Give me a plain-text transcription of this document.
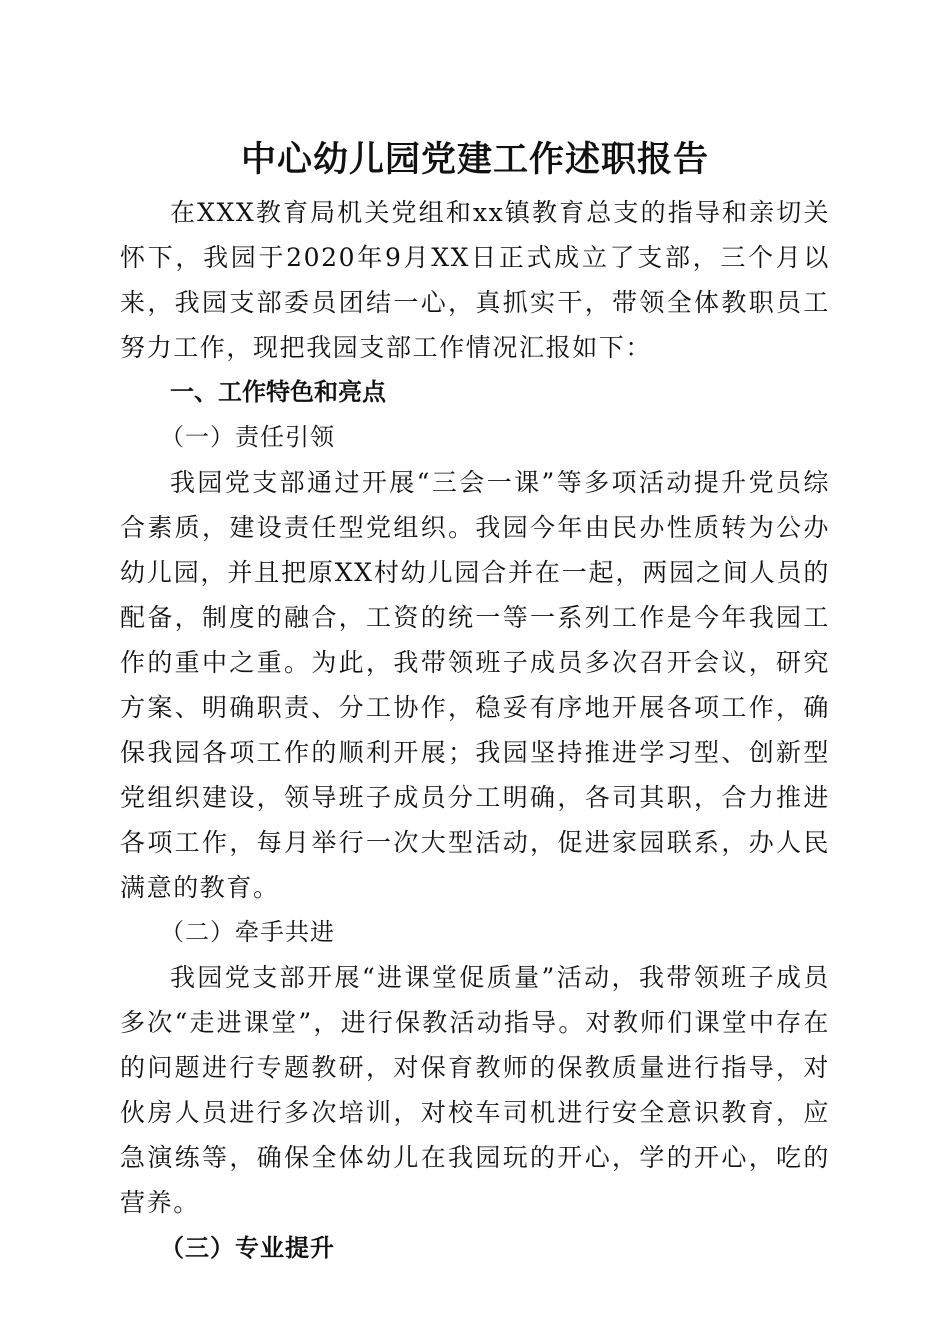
中心幼儿园党建工作述职报告

在XXX教育局机关党组和xx镇教育总支的指导和亲切关怀下，我园于2020年9月XX日正式成立了支部，三个月以来，我园支部委员团结一心，真抓实干，带领全体教职员工努力工作，现把我园支部工作情况汇报如下：

一、工作特色和亮点

（一）责任引领

我园党支部通过开展“三会一课”等多项活动提升党员综合素质，建设责任型党组织。我园今年由民办性质转为公办幼儿园，并且把原XX村幼儿园合并在一起，两园之间人员的配备，制度的融合，工资的统一等一系列工作是今年我园工作的重中之重。为此，我带领班子成员多次召开会议，研究方案、明确职责、分工协作，稳妥有序地开展各项工作，确保我园各项工作的顺利开展；我园坚持推进学习型、创新型党组织建设，领导班子成员分工明确，各司其职，合力推进各项工作，每月举行一次大型活动，促进家园联系，办人民满意的教育。

（二）牵手共进

我园党支部开展“进课堂促质量”活动，我带领班子成员多次“走进课堂”，进行保教活动指导。对教师们课堂中存在的问题进行专题教研，对保育教师的保教质量进行指导，对伙房人员进行多次培训，对校车司机进行安全意识教育，应急演练等，确保全体幼儿在我园玩的开心，学的开心，吃的营养。

（三）专业提升
